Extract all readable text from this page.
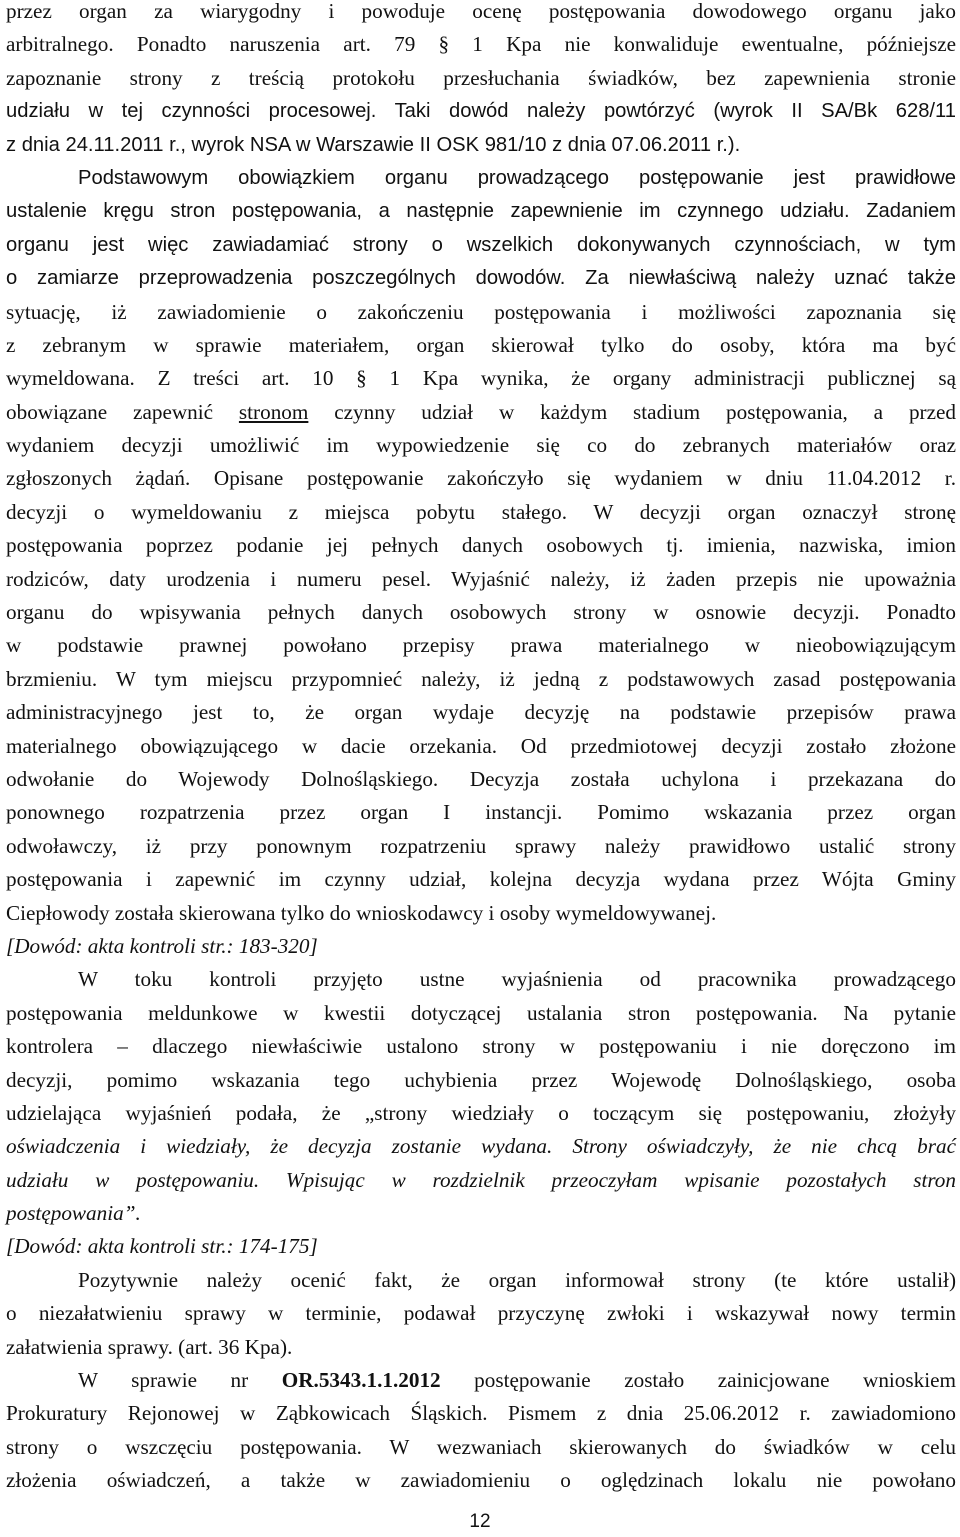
przez organ za wiarygodny i powoduje ocenę postępowania dowodowego organu jako
arbitralnego. Ponadto naruszenia art. 79 § 1 Kpa nie konwaliduje ewentualne, późniejsze
zapoznanie strony z treścią protokołu przesłuchania świadków, bez zapewnienia stronie
udziału w tej czynności procesowej. Taki dowód należy powtórzyć (wyrok II SA/Bk 628/11
z dnia 24.11.2011 r., wyrok NSA w Warszawie II OSK 981/10 z dnia 07.06.2011 r.).
Podstawowym obowiązkiem organu prowadzącego postępowanie jest prawidłowe
ustalenie kręgu stron postępowania, a następnie zapewnienie im czynnego udziału. Zadaniem
organu jest więc zawiadamiać strony o wszelkich dokonywanych czynnościach, w tym
o zamiarze przeprowadzenia poszczególnych dowodów. Za niewłaściwą należy uznać także
sytuację, iż zawiadomienie o zakończeniu postępowania i możliwości zapoznania się
z zebranym w sprawie materiałem, organ skierował tylko do osoby, która ma być
wymeldowana. Z treści art. 10 § 1 Kpa wynika, że organy administracji publicznej są
obowiązane zapewnić stronom czynny udział w każdym stadium postępowania, a przed
wydaniem decyzji umożliwić im wypowiedzenie się co do zebranych materiałów oraz
zgłoszonych żądań. Opisane postępowanie zakończyło się wydaniem w dniu 11.04.2012 r.
decyzji o wymeldowaniu z miejsca pobytu stałego. W decyzji organ oznaczył stronę
postępowania poprzez podanie jej pełnych danych osobowych tj. imienia, nazwiska, imion
rodziców, daty urodzenia i numeru pesel. Wyjaśnić należy, iż żaden przepis nie upoważnia
organu do wpisywania pełnych danych osobowych strony w osnowie decyzji. Ponadto
w podstawie prawnej powołano przepisy prawa materialnego w nieobowiązującym
brzmieniu. W tym miejscu przypomnieć należy, iż jedną z podstawowych zasad postępowania
administracyjnego jest to, że organ wydaje decyzję na podstawie przepisów prawa
materialnego obowiązującego w dacie orzekania. Od przedmiotowej decyzji zostało złożone
odwołanie do Wojewody Dolnośląskiego. Decyzja została uchylona i przekazana do
ponownego rozpatrzenia przez organ I instancji. Pomimo wskazania przez organ
odwoławczy, iż przy ponownym rozpatrzeniu sprawy należy prawidłowo ustalić strony
postępowania i zapewnić im czynny udział, kolejna decyzja wydana przez Wójta Gminy
Ciepłowody została skierowana tylko do wnioskodawcy i osoby wymeldowywanej.
[Dowód: akta kontroli str.: 183-320]
W toku kontroli przyjęto ustne wyjaśnienia od pracownika prowadzącego
postępowania meldunkowe w kwestii dotyczącej ustalania stron postępowania. Na pytanie
kontrolera – dlaczego niewłaściwie ustalono strony w postępowaniu i nie doręczono im
decyzji, pomimo wskazania tego uchybienia przez Wojewodę Dolnośląskiego, osoba
udzielająca wyjaśnień podała, że „strony wiedziały o toczącym się postępowaniu, złożyły
oświadczenia i wiedziały, że decyzja zostanie wydana. Strony oświadczyły, że nie chcą brać
udziału w postępowaniu. Wpisując w rozdzielnik przeoczyłam wpisanie pozostałych stron
postępowania”.
[Dowód: akta kontroli str.: 174-175]
Pozytywnie należy ocenić fakt, że organ informował strony (te które ustalił)
o niezałatwieniu sprawy w terminie, podawał przyczynę zwłoki i wskazywał nowy termin
załatwienia sprawy. (art. 36 Kpa).
W sprawie nr OR.5343.1.1.2012 postępowanie zostało zainicjowane wnioskiem
Prokuratury Rejonowej w Ząbkowicach Śląskich. Pismem z dnia 25.06.2012 r. zawiadomiono
strony o wszczęciu postępowania. W wezwaniach skierowanych do świadków w celu
złożenia oświadczeń, a także w zawiadomieniu o oględzinach lokalu nie powołano
12
